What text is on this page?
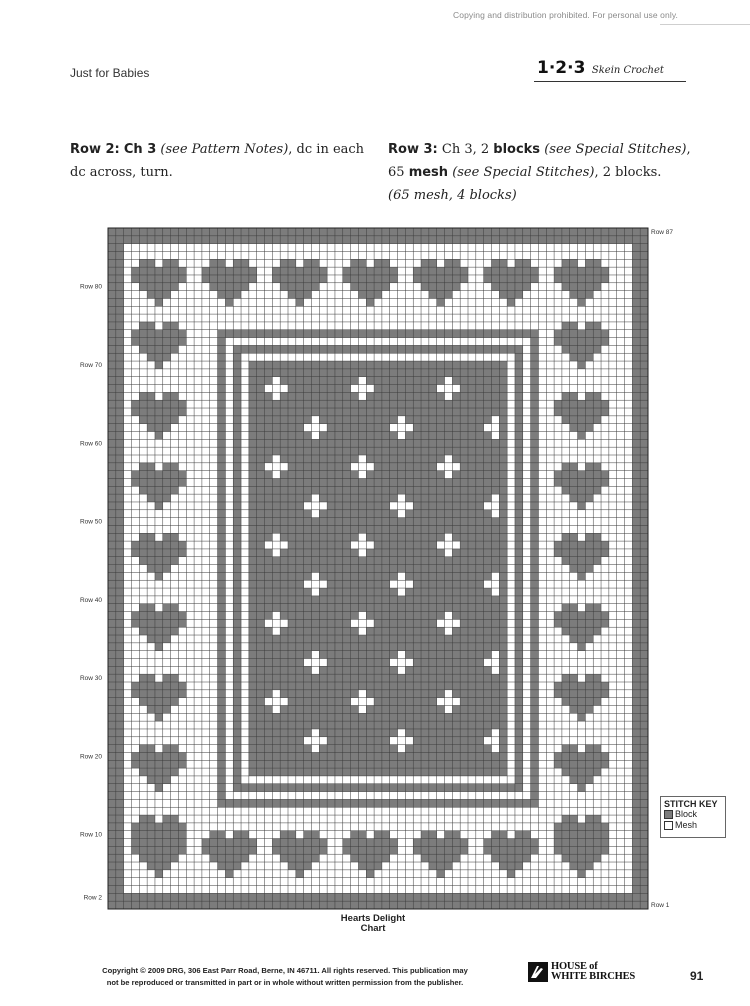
Copying and distribution prohibited. For personal use only.
Just for Babies	1·2·3 Skein Crochet
Row 2: Ch 3 (see Pattern Notes), dc in each dc across, turn.
Row 3: Ch 3, 2 blocks (see Special Stitches), 65 mesh (see Special Stitches), 2 blocks.
(65 mesh, 4 blocks)
Row 80
Row 70
Row 60
Row 50
Row 40
Row 30
Row 20
Row 10
Row 2
Row 87
Row 1
Hearts Delight
Chart
STITCH KEY
Block
Mesh
Copyright © 2009 DRG, 306 East Parr Road, Berne, IN 46711. All rights reserved. This publication may
not be reproduced or transmitted in part or in whole without written permission from the publisher.
HOUSE of
WHITE BIRCHES	91
